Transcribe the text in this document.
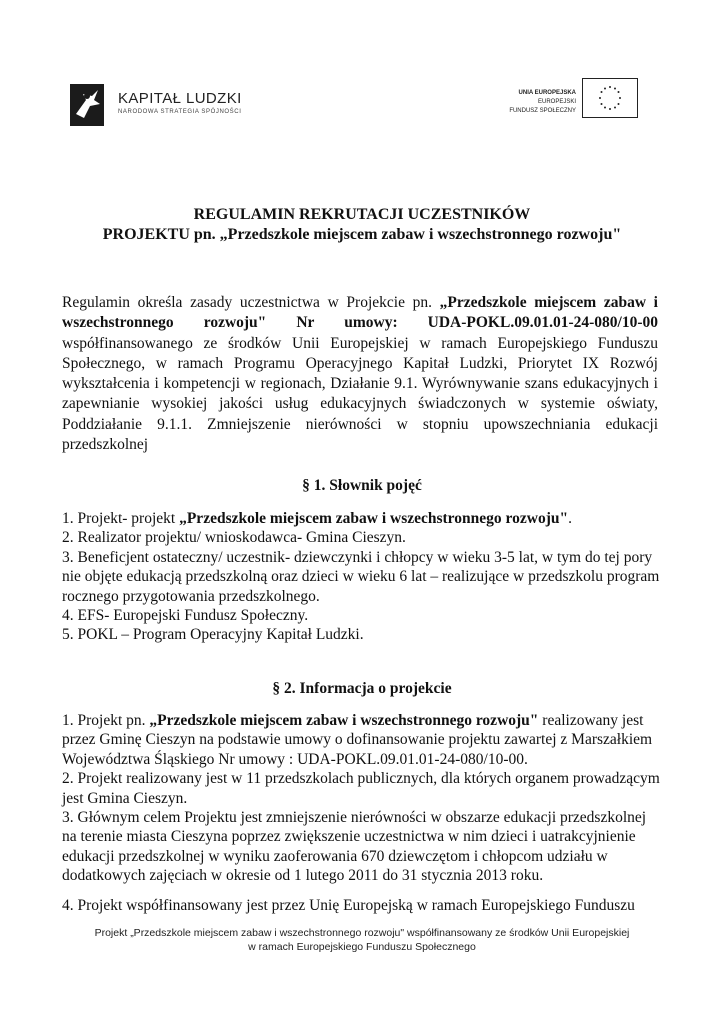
KAPITAŁ LUDZKI
NARODOWA STRATEGIA SPÓJNOŚCI
UNIA EUROPEJSKA
EUROPEJSKI
FUNDUSZ SPOŁECZNY
REGULAMIN REKRUTACJI UCZESTNIKÓW
PROJEKTU pn. „Przedszkole miejscem zabaw i wszechstronnego rozwoju"
Regulamin określa zasady uczestnictwa w Projekcie pn. „Przedszkole miejscem zabaw i wszechstronnego rozwoju" Nr umowy: UDA-POKL.09.01.01-24-080/10-00 współfinansowanego ze środków Unii Europejskiej w ramach Europejskiego Funduszu Społecznego, w ramach Programu Operacyjnego Kapitał Ludzki, Priorytet IX Rozwój wykształcenia i kompetencji w regionach, Działanie 9.1. Wyrównywanie szans edukacyjnych i zapewnianie wysokiej jakości usług edukacyjnych świadczonych w systemie oświaty, Poddziałanie 9.1.1. Zmniejszenie nierówności w stopniu upowszechniania edukacji przedszkolnej
§ 1. Słownik pojęć
1. Projekt- projekt „Przedszkole miejscem zabaw i wszechstronnego rozwoju".
2. Realizator projektu/ wnioskodawca- Gmina Cieszyn.
3. Beneficjent ostateczny/ uczestnik- dziewczynki i chłopcy w wieku 3-5 lat, w tym do tej pory nie objęte edukacją przedszkolną oraz dzieci w wieku 6 lat – realizujące w przedszkolu program rocznego przygotowania przedszkolnego.
4. EFS- Europejski Fundusz Społeczny.
5. POKL – Program Operacyjny Kapitał Ludzki.
§ 2. Informacja o projekcie
1. Projekt pn. „Przedszkole miejscem zabaw i wszechstronnego rozwoju" realizowany jest przez Gminę Cieszyn na podstawie umowy o dofinansowanie projektu zawartej z Marszałkiem Województwa Śląskiego Nr umowy : UDA-POKL.09.01.01-24-080/10-00.
2. Projekt realizowany jest w 11 przedszkolach publicznych, dla których organem prowadzącym jest Gmina Cieszyn.
3. Głównym celem Projektu jest zmniejszenie nierówności w obszarze edukacji przedszkolnej na terenie miasta Cieszyna poprzez zwiększenie uczestnictwa w nim dzieci i uatrakcyjnienie edukacji przedszkolnej w wyniku zaoferowania 670 dziewczętom i chłopcom udziału w dodatkowych zajęciach w okresie od 1 lutego 2011 do 31 stycznia 2013 roku.
4. Projekt współfinansowany jest przez Unię Europejską w ramach Europejskiego Funduszu
Projekt „Przedszkole miejscem zabaw i wszechstronnego rozwoju" współfinansowany ze środków Unii Europejskiej
w ramach Europejskiego Funduszu Społecznego
